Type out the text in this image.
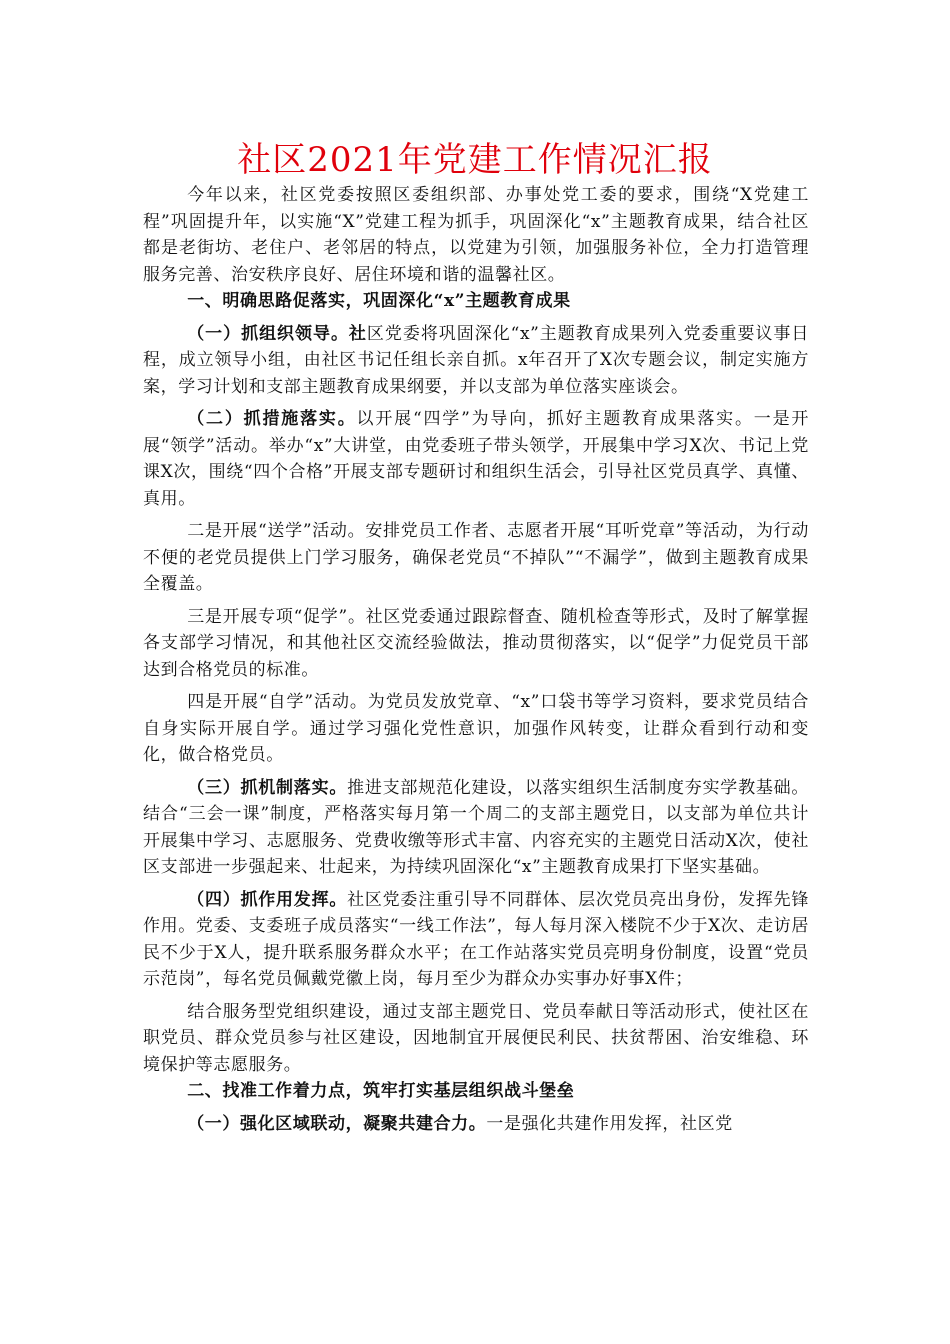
社区2021年党建工作情况汇报

今年以来，社区党委按照区委组织部、办事处党工委的要求，围绕“X党建工程”巩固提升年，以实施“X”党建工程为抓手，巩固深化“x”主题教育成果，结合社区都是老街坊、老住户、老邻居的特点，以党建为引领，加强服务补位，全力打造管理服务完善、治安秩序良好、居住环境和谐的温馨社区。

一、明确思路促落实，巩固深化“x”主题教育成果

（一）抓组织领导。社区党委将巩固深化“x”主题教育成果列入党委重要议事日程，成立领导小组，由社区书记任组长亲自抓。x年召开了X次专题会议，制定实施方案，学习计划和支部主题教育成果纲要，并以支部为单位落实座谈会。

（二）抓措施落实。以开展“四学”为导向，抓好主题教育成果落实。一是开展“领学”活动。举办“x”大讲堂，由党委班子带头领学，开展集中学习X次、书记上党课X次，围绕“四个合格”开展支部专题研讨和组织生活会，引导社区党员真学、真懂、真用。

二是开展“送学”活动。安排党员工作者、志愿者开展“耳听党章”等活动，为行动不便的老党员提供上门学习服务，确保老党员“不掉队”“不漏学”，做到主题教育成果全覆盖。

三是开展专项“促学”。社区党委通过跟踪督查、随机检查等形式，及时了解掌握各支部学习情况，和其他社区交流经验做法，推动贯彻落实，以“促学”力促党员干部达到合格党员的标准。

四是开展“自学”活动。为党员发放党章、“x”口袋书等学习资料，要求党员结合自身实际开展自学。通过学习强化党性意识，加强作风转变，让群众看到行动和变化，做合格党员。

（三）抓机制落实。推进支部规范化建设，以落实组织生活制度夯实学教基础。结合“三会一课”制度，严格落实每月第一个周二的支部主题党日，以支部为单位共计开展集中学习、志愿服务、党费收缴等形式丰富、内容充实的主题党日活动X次，使社区支部进一步强起来、壮起来，为持续巩固深化“x”主题教育成果打下坚实基础。

（四）抓作用发挥。社区党委注重引导不同群体、层次党员亮出身份，发挥先锋作用。党委、支委班子成员落实“一线工作法”，每人每月深入楼院不少于X次、走访居民不少于X人，提升联系服务群众水平；在工作站落实党员亮明身份制度，设置“党员示范岗”，每名党员佩戴党徽上岗，每月至少为群众办实事办好事X件；

结合服务型党组织建设，通过支部主题党日、党员奉献日等活动形式，使社区在职党员、群众党员参与社区建设，因地制宜开展便民利民、扶贫帮困、治安维稳、环境保护等志愿服务。

二、找准工作着力点，筑牢打实基层组织战斗堡垒

（一）强化区域联动，凝聚共建合力。一是强化共建作用发挥，社区党
